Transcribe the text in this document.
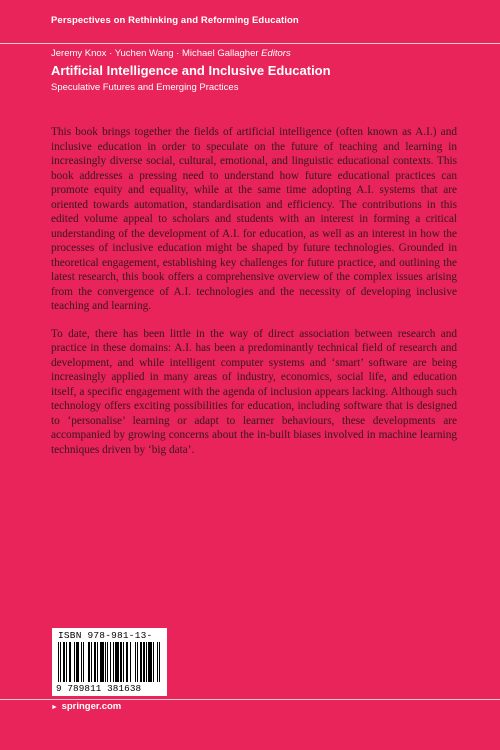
Perspectives on Rethinking and Reforming Education
Jeremy Knox · Yuchen Wang · Michael Gallagher Editors
Artificial Intelligence and Inclusive Education
Speculative Futures and Emerging Practices

This book brings together the fields of artificial intelligence (often known as A.I.) and inclusive education in order to speculate on the future of teaching and learning in increasingly diverse social, cultural, emotional, and linguistic educational contexts. This book addresses a pressing need to understand how future educational practices can promote equity and equality, while at the same time adopting A.I. systems that are oriented towards automation, standardisation and efficiency. The contributions in this edited volume appeal to scholars and students with an interest in forming a critical understanding of the development of A.I. for education, as well as an interest in how the processes of inclusive education might be shaped by future technologies. Grounded in theoretical engagement, establishing key challenges for future practice, and outlining the latest research, this book offers a comprehensive overview of the complex issues arising from the convergence of A.I. technologies and the necessity of developing inclusive teaching and learning.

To date, there has been little in the way of direct association between research and practice in these domains: A.I. has been a predominantly technical field of research and development, and while intelligent computer systems and ‘smart’ software are being increasingly applied in many areas of industry, economics, social life, and education itself, a specific engagement with the agenda of inclusion appears lacking. Although such technology offers exciting possibilities for education, including software that is designed to ‘personalise’ learning or adapt to learner behaviours, these developments are accompanied by growing concerns about the in-built biases involved in machine learning techniques driven by ‘big data’.

ISBN 978-981-13-
9 789811 381638
► springer.com
